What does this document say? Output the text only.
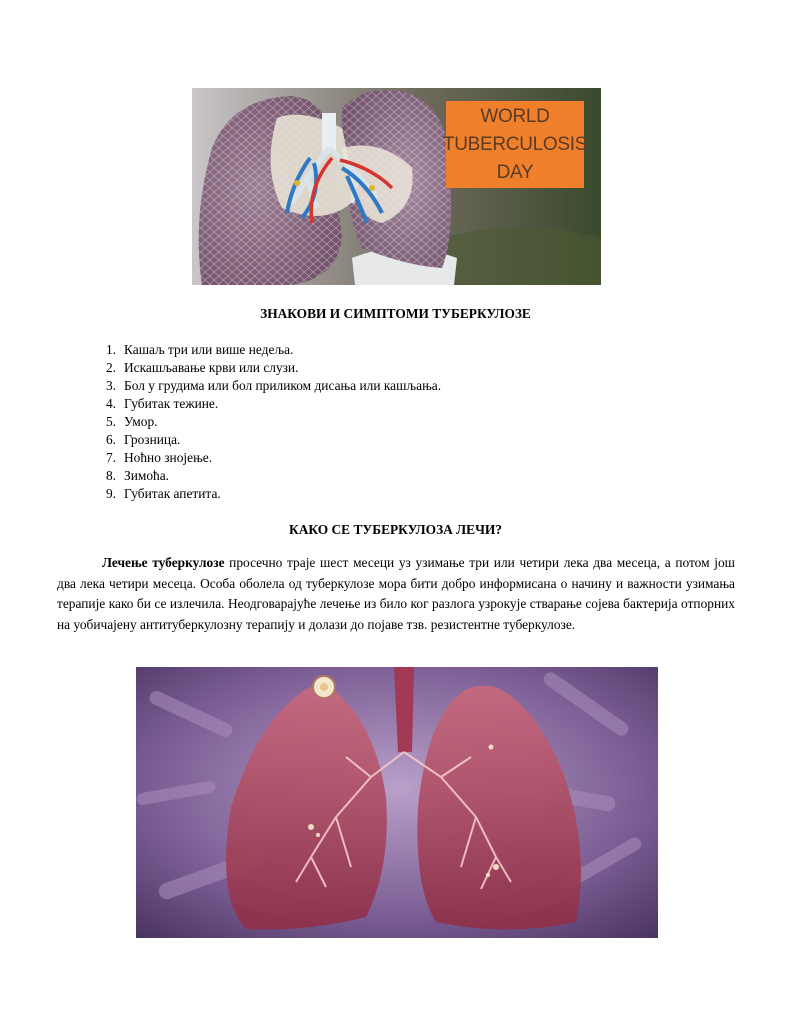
WORLD
TUBERCULOSIS
DAY
ЗНАКОВИ И СИМПТОМИ ТУБЕРКУЛОЗЕ
1. Кашаљ три или више недеља.
2. Искашљавање крви или слузи.
3. Бол у грудима или бол приликом дисања или кашљања.
4. Губитак тежине.
5. Умор.
6. Грозница.
7. Ноћно знојење.
8. Зимоћа.
9. Губитак апетита.
КАКО СЕ ТУБЕРКУЛОЗА ЛЕЧИ?

Лечење туберкулозе просечно траје шест месеци уз узимање три или четири лека два месеца, а потом још два лека четири месеца. Особа оболела од туберкулозе мора бити добро информисана о начину и важности узимања терапије како би се излечила. Неодговарајуће лечење из било ког разлога узрокује стварање сојева бактерија отпорних на уобичајену антитуберкулозну терапију и долази до појаве тзв. резистентне туберкулозе.
